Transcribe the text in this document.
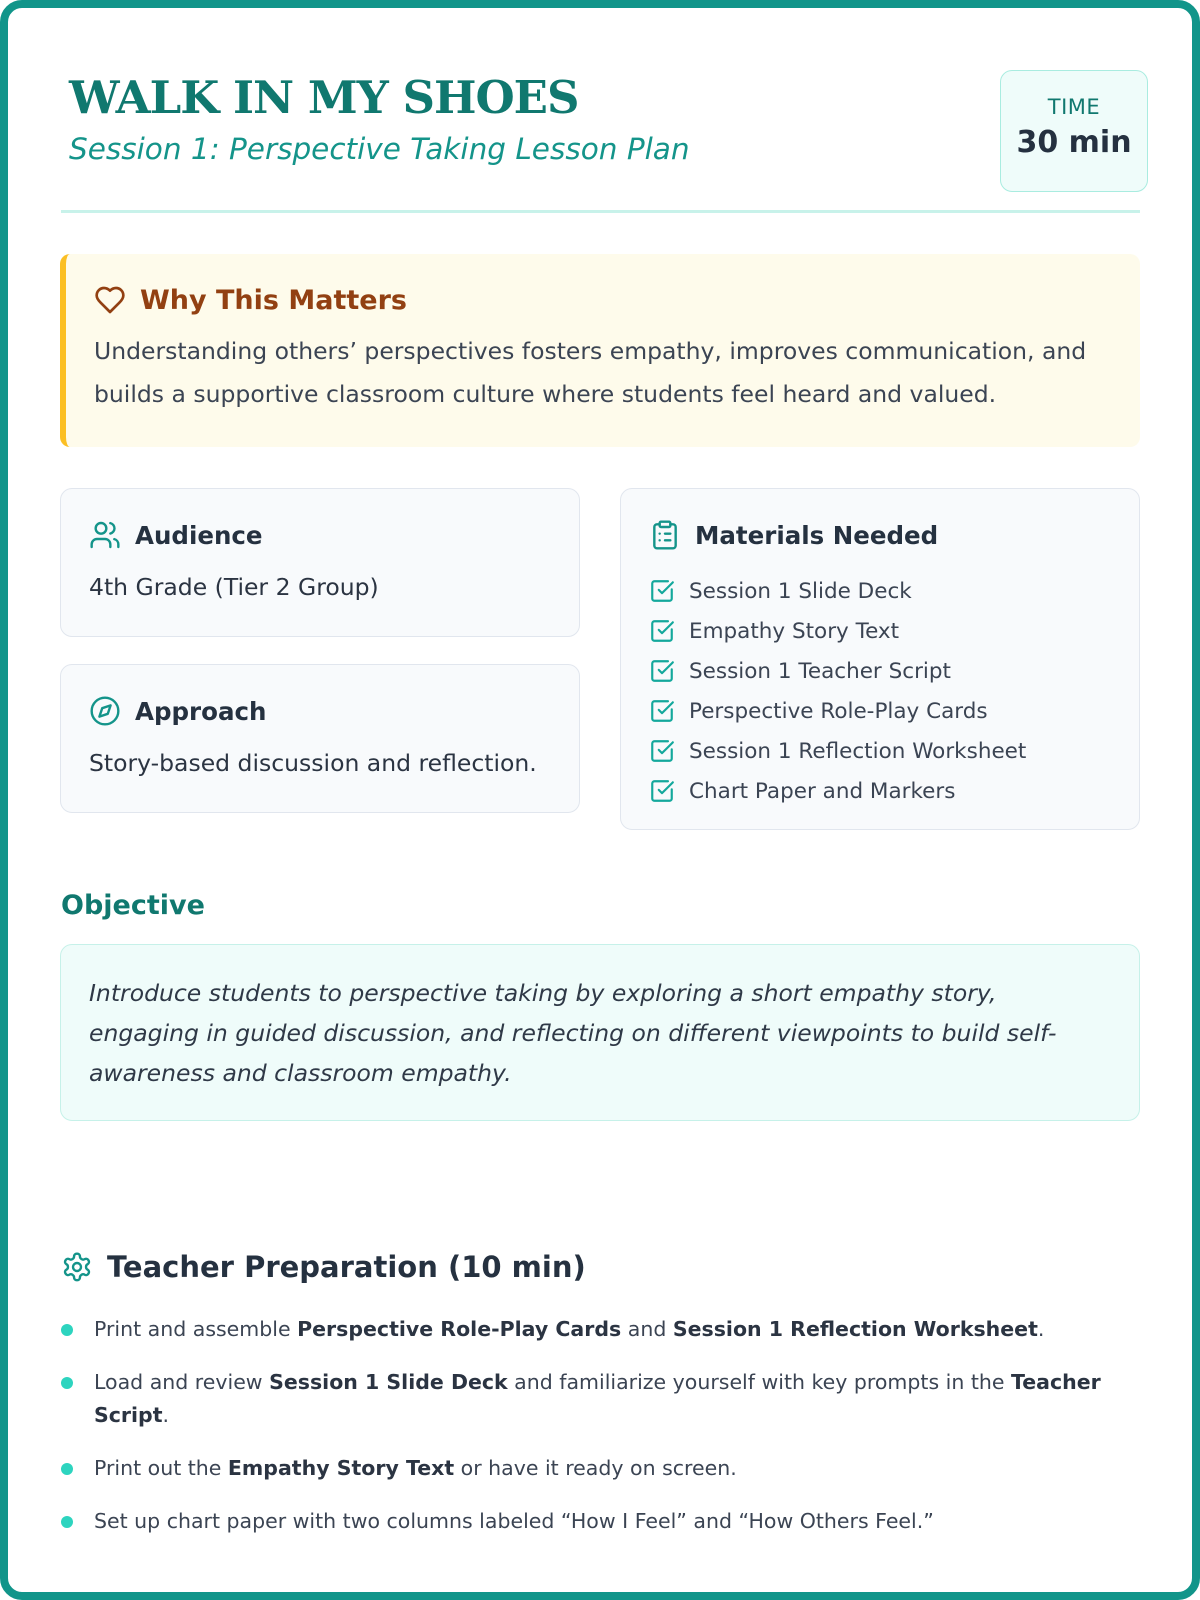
WALK IN MY SHOES
Session 1: Perspective Taking Lesson Plan
TIME
30 min
Why This Matters
Understanding others’ perspectives fosters empathy, improves communication, and builds a supportive classroom culture where students feel heard and valued.
Audience
4th Grade (Tier 2 Group)
Approach
Story-based discussion and reflection.
Materials Needed
Session 1 Slide Deck
Empathy Story Text
Session 1 Teacher Script
Perspective Role-Play Cards
Session 1 Reflection Worksheet
Chart Paper and Markers
Objective
Introduce students to perspective taking by exploring a short empathy story, engaging in guided discussion, and reflecting on different viewpoints to build self-awareness and classroom empathy.
Teacher Preparation (10 min)
Print and assemble Perspective Role-Play Cards and Session 1 Reflection Worksheet.
Load and review Session 1 Slide Deck and familiarize yourself with key prompts in the Teacher Script.
Print out the Empathy Story Text or have it ready on screen.
Set up chart paper with two columns labeled “How I Feel” and “How Others Feel.”
